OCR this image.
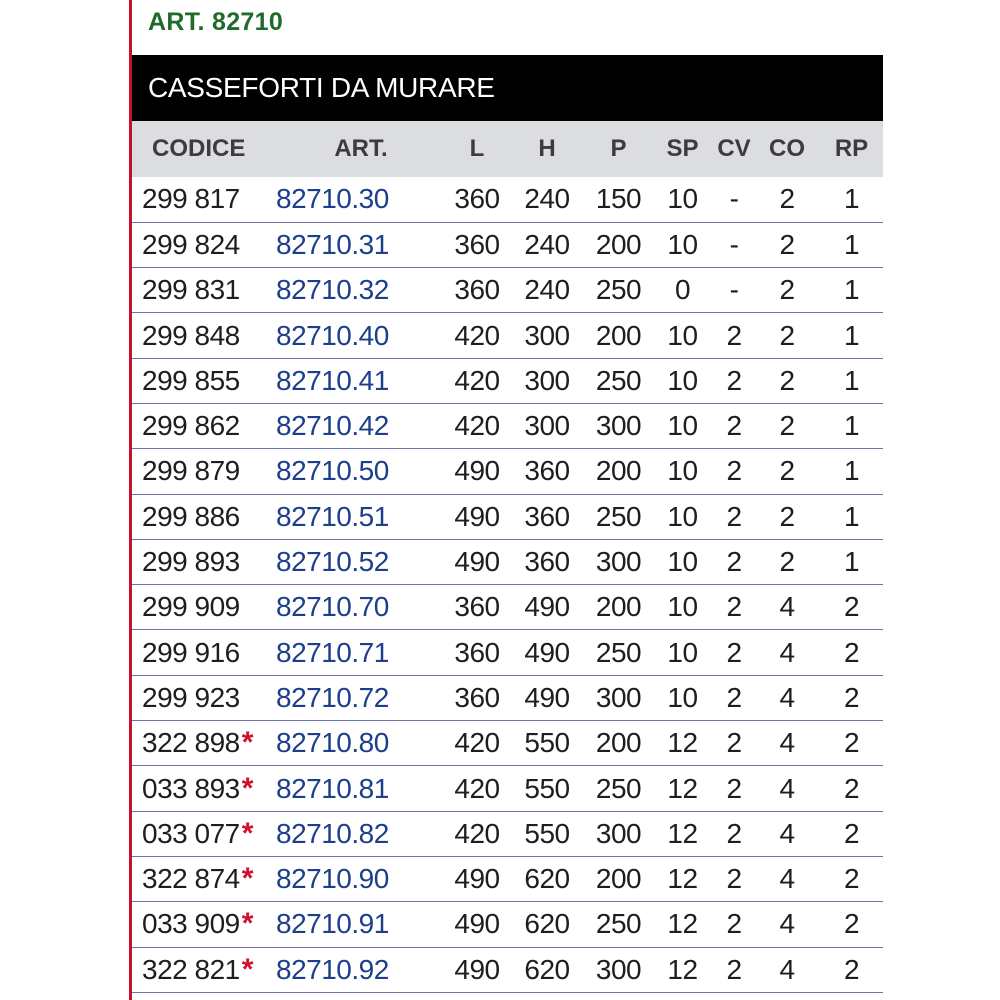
ART. 82710
CASSEFORTI DA MURARE
CODICE	ART.	L	H	P	SP	CV	CO	RP
299 817	82710.30	360	240	150	10	-	2	1
299 824	82710.31	360	240	200	10	-	2	1
299 831	82710.32	360	240	250	0	-	2	1
299 848	82710.40	420	300	200	10	2	2	1
299 855	82710.41	420	300	250	10	2	2	1
299 862	82710.42	420	300	300	10	2	2	1
299 879	82710.50	490	360	200	10	2	2	1
299 886	82710.51	490	360	250	10	2	2	1
299 893	82710.52	490	360	300	10	2	2	1
299 909	82710.70	360	490	200	10	2	4	2
299 916	82710.71	360	490	250	10	2	4	2
299 923	82710.72	360	490	300	10	2	4	2
322 898*	82710.80	420	550	200	12	2	4	2
033 893*	82710.81	420	550	250	12	2	4	2
033 077*	82710.82	420	550	300	12	2	4	2
322 874*	82710.90	490	620	200	12	2	4	2
033 909*	82710.91	490	620	250	12	2	4	2
322 821*	82710.92	490	620	300	12	2	4	2
